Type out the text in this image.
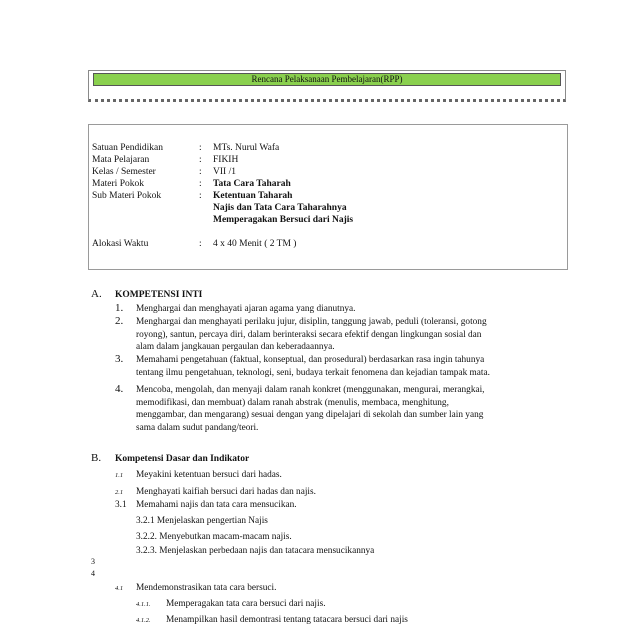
Rencana Pelaksanaan Pembelajaran(RPP)
Satuan Pendidikan	: MTs. Nurul Wafa
Mata Pelajaran	: FIKIH
Kelas / Semester	: VII /1
Materi Pokok	: Tata Cara Taharah
Sub Materi Pokok	: Ketentuan Taharah
Najis dan Tata Cara Taharahnya
Memperagakan Bersuci dari Najis
Alokasi Waktu	: 4 x 40 Menit ( 2 TM )
A. KOMPETENSI INTI
1. Menghargai dan menghayati ajaran agama yang dianutnya.
2. Menghargai dan menghayati perilaku jujur, disiplin, tanggung jawab, peduli (toleransi, gotong
royong), santun, percaya diri, dalam berinteraksi secara efektif dengan lingkungan sosial dan
alam dalam jangkauan pergaulan dan keberadaannya.
3. Memahami pengetahuan (faktual, konseptual, dan prosedural) berdasarkan rasa ingin tahunya
tentang ilmu pengetahuan, teknologi, seni, budaya terkait fenomena dan kejadian tampak mata.
4. Mencoba, mengolah, dan menyaji dalam ranah konkret (menggunakan, mengurai, merangkai,
memodifikasi, dan membuat) dalam ranah abstrak (menulis, membaca, menghitung,
menggambar, dan mengarang) sesuai dengan yang dipelajari di sekolah dan sumber lain yang
sama dalam sudut pandang/teori.
B. Kompetensi Dasar dan Indikator
1.1 Meyakini ketentuan bersuci dari hadas.
2.1 Menghayati kaifiah bersuci dari hadas dan najis.
3.1 Memahami najis dan tata cara mensucikan.
3.2.1 Menjelaskan pengertian Najis
3.2.2. Menyebutkan macam-macam najis.
3.2.3. Menjelaskan perbedaan najis dan tatacara mensucikannya
3
4
4.1 Mendemonstrasikan tata cara bersuci.
4.1.1. Memperagakan tata cara bersuci dari najis.
4.1.2. Menampilkan hasil demontrasi tentang tatacara bersuci dari najis
